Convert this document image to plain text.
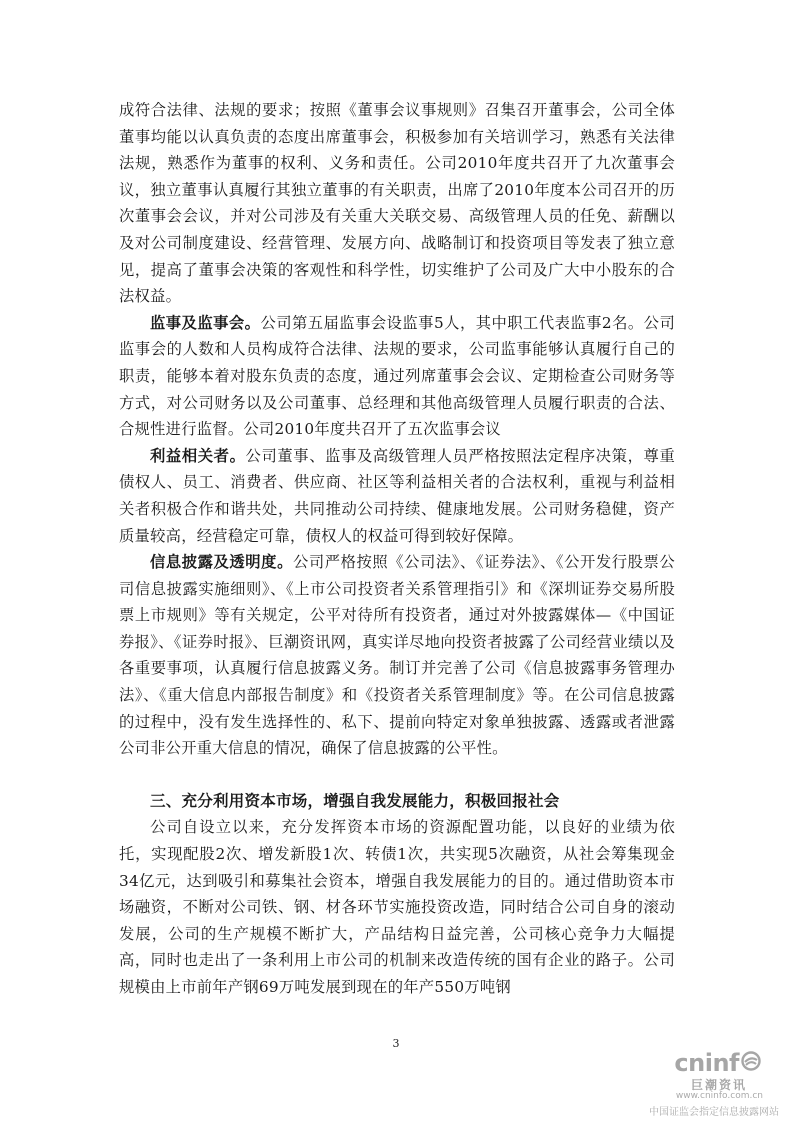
成符合法律、法规的要求；按照《董事会议事规则》召集召开董事会，公司全体董事均能以认真负责的态度出席董事会，积极参加有关培训学习，熟悉有关法律法规，熟悉作为董事的权利、义务和责任。公司2010年度共召开了九次董事会议，独立董事认真履行其独立董事的有关职责，出席了2010年度本公司召开的历次董事会会议，并对公司涉及有关重大关联交易、高级管理人员的任免、薪酬以及对公司制度建设、经营管理、发展方向、战略制订和投资项目等发表了独立意见，提高了董事会决策的客观性和科学性，切实维护了公司及广大中小股东的合法权益。

监事及监事会。公司第五届监事会设监事5人，其中职工代表监事2名。公司监事会的人数和人员构成符合法律、法规的要求，公司监事能够认真履行自己的职责，能够本着对股东负责的态度，通过列席董事会会议、定期检查公司财务等方式，对公司财务以及公司董事、总经理和其他高级管理人员履行职责的合法、合规性进行监督。公司2010年度共召开了五次监事会议

利益相关者。公司董事、监事及高级管理人员严格按照法定程序决策，尊重债权人、员工、消费者、供应商、社区等利益相关者的合法权利，重视与利益相关者积极合作和谐共处，共同推动公司持续、健康地发展。公司财务稳健，资产质量较高，经营稳定可靠，债权人的权益可得到较好保障。

信息披露及透明度。公司严格按照《公司法》、《证券法》、《公开发行股票公司信息披露实施细则》、《上市公司投资者关系管理指引》和《深圳证券交易所股票上市规则》等有关规定，公平对待所有投资者，通过对外披露媒体—《中国证券报》、《证券时报》、巨潮资讯网，真实详尽地向投资者披露了公司经营业绩以及各重要事项，认真履行信息披露义务。制订并完善了公司《信息披露事务管理办法》、《重大信息内部报告制度》和《投资者关系管理制度》等。在公司信息披露的过程中，没有发生选择性的、私下、提前向特定对象单独披露、透露或者泄露公司非公开重大信息的情况，确保了信息披露的公平性。

三、充分利用资本市场，增强自我发展能力，积极回报社会

公司自设立以来，充分发挥资本市场的资源配置功能，以良好的业绩为依托，实现配股2次、增发新股1次、转债1次，共实现5次融资，从社会筹集现金34亿元，达到吸引和募集社会资本，增强自我发展能力的目的。通过借助资本市场融资，不断对公司铁、钢、材各环节实施投资改造，同时结合公司自身的滚动发展，公司的生产规模不断扩大，产品结构日益完善，公司核心竞争力大幅提高，同时也走出了一条利用上市公司的机制来改造传统的国有企业的路子。公司规模由上市前年产钢69万吨发展到现在的年产550万吨钢

3
cninf
巨潮资讯
www.cninfo.com.cn
中国证监会指定信息披露网站
